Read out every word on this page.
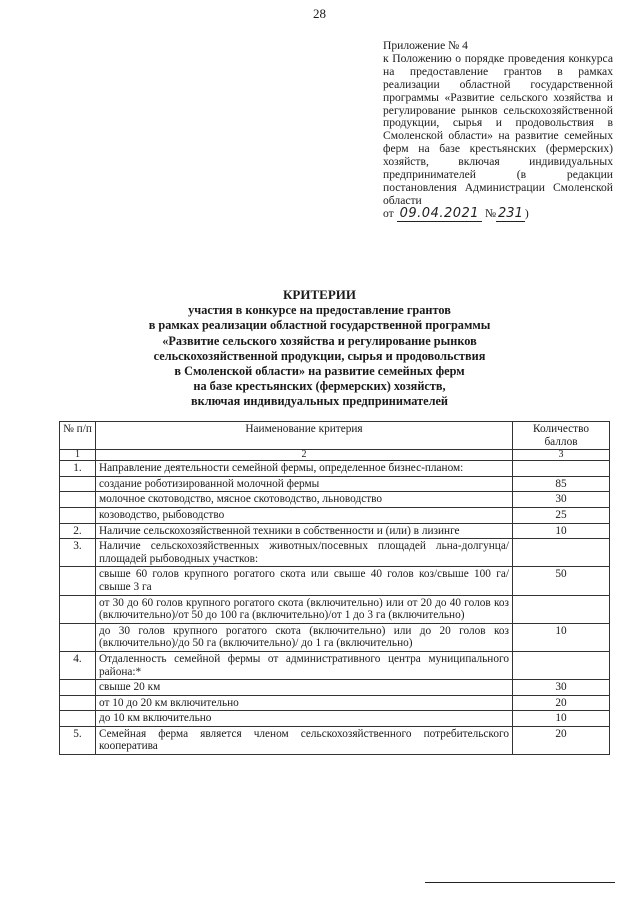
28
Приложение № 4
к Положению о порядке проведения конкурса на предоставление грантов в рамках реализации областной государственной программы «Развитие сельского хозяйства и регулирование рынков сельскохозяйственной продукции, сырья и продовольствия в Смоленской области» на развитие семейных ферм на базе крестьянских (фермерских) хозяйств, включая индивидуальных предпринимателей (в редакции постановления Администрации Смоленской области
от 09.04.2021 № 231 )
КРИТЕРИИ
участия в конкурсе на предоставление грантов
в рамках реализации областной государственной программы
«Развитие сельского хозяйства и регулирование рынков
сельскохозяйственной продукции, сырья и продовольствия
в Смоленской области» на развитие семейных ферм
на базе крестьянских (фермерских) хозяйств,
включая индивидуальных предпринимателей
№ п/п	Наименование критерия	Количество баллов
1	2	3
1.	Направление деятельности семейной фермы, определенное бизнес-планом:	
	создание роботизированной молочной фермы	85
	молочное скотоводство, мясное скотоводство, льноводство	30
	козоводство, рыбоводство	25
2.	Наличие сельскохозяйственной техники в собственности и (или) в лизинге	10
3.	Наличие сельскохозяйственных животных/посевных площадей льна-долгунца/площадей рыбоводных участков:	
	свыше 60 голов крупного рогатого скота или свыше 40 голов коз/свыше 100 га/свыше 3 га	50
	от 30 до 60 голов крупного рогатого скота (включительно) или от 20 до 40 голов коз (включительно)/от 50 до 100 га (включительно)/от 1 до 3 га (включительно)	
	до 30 голов крупного рогатого скота (включительно) или до 20 голов коз (включительно)/до 50 га (включительно)/ до 1 га (включительно)	10
4.	Отдаленность семейной фермы от административного центра муниципального района:*	
	свыше 20 км	30
	от 10 до 20 км включительно	20
	до 10 км включительно	10
5.	Семейная ферма является членом сельскохозяйственного потребительского кооператива	20
